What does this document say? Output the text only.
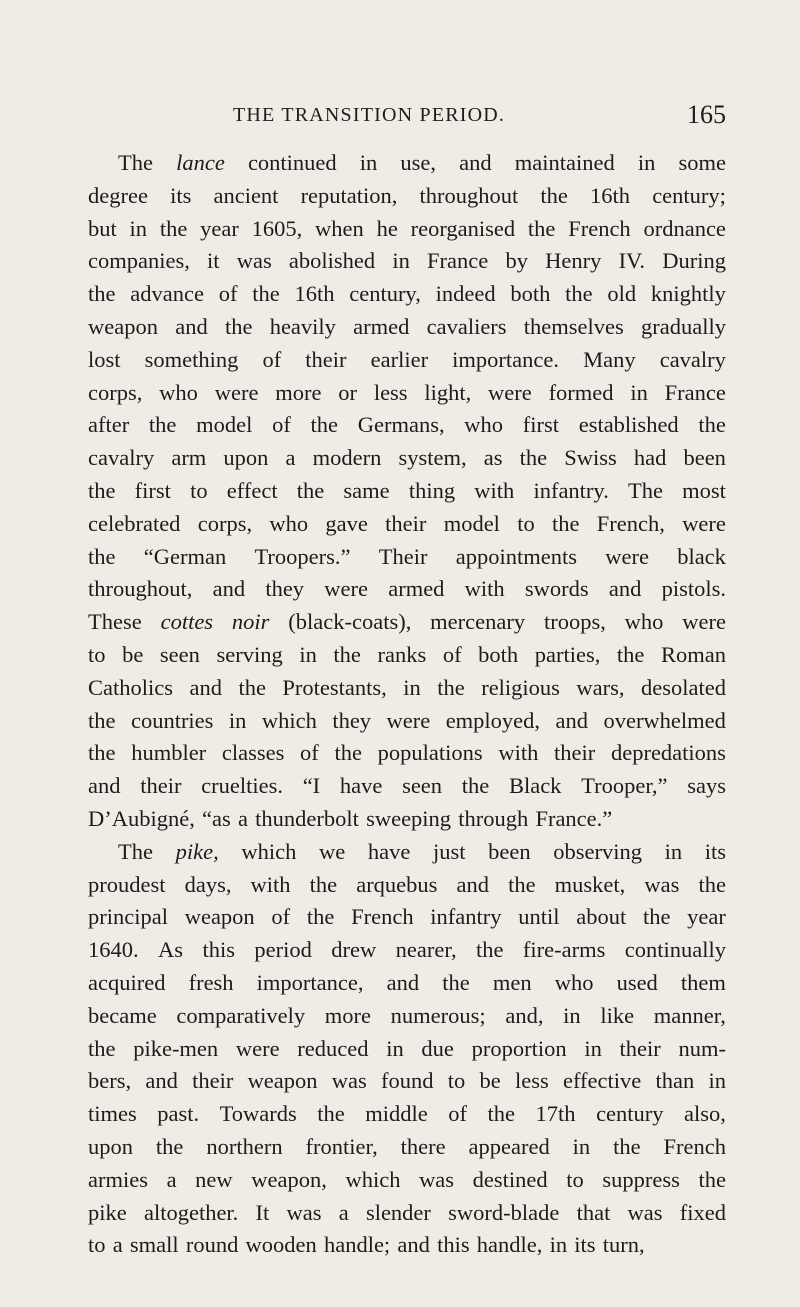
THE TRANSITION PERIOD.	165
The lance continued in use, and maintained in some
degree its ancient reputation, throughout the 16th century;
but in the year 1605, when he reorganised the French ordnance
companies, it was abolished in France by Henry IV. During
the advance of the 16th century, indeed both the old knightly
weapon and the heavily armed cavaliers themselves gradually
lost something of their earlier importance. Many cavalry
corps, who were more or less light, were formed in France
after the model of the Germans, who first established the
cavalry arm upon a modern system, as the Swiss had been
the first to effect the same thing with infantry. The most
celebrated corps, who gave their model to the French, were
the “German Troopers.” Their appointments were black
throughout, and they were armed with swords and pistols.
These cottes noir (black-coats), mercenary troops, who were
to be seen serving in the ranks of both parties, the Roman
Catholics and the Protestants, in the religious wars, desolated
the countries in which they were employed, and overwhelmed
the humbler classes of the populations with their depredations
and their cruelties. “I have seen the Black Trooper,” says
D’Aubigné, “as a thunderbolt sweeping through France.”
The pike, which we have just been observing in its
proudest days, with the arquebus and the musket, was the
principal weapon of the French infantry until about the year
1640. As this period drew nearer, the fire-arms continually
acquired fresh importance, and the men who used them
became comparatively more numerous; and, in like manner,
the pike-men were reduced in due proportion in their num-
bers, and their weapon was found to be less effective than in
times past. Towards the middle of the 17th century also,
upon the northern frontier, there appeared in the French
armies a new weapon, which was destined to suppress the
pike altogether. It was a slender sword-blade that was fixed
to a small round wooden handle; and this handle, in its turn,
